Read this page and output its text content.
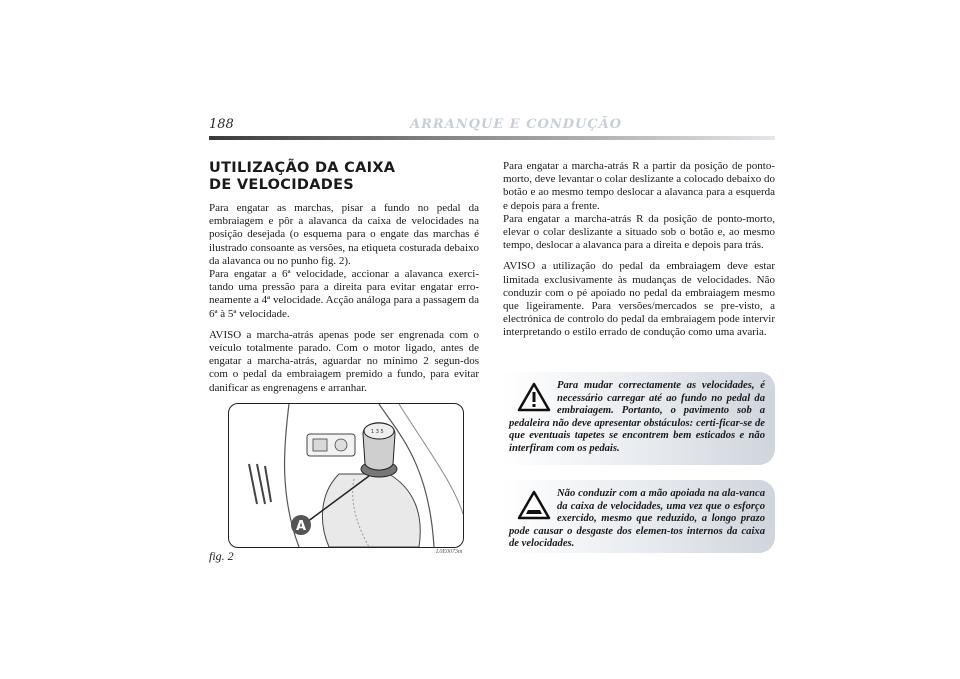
188	ARRANQUE E CONDUÇÃO
UTILIZAÇÃO DA CAIXA
DE VELOCIDADES

Para engatar as marchas, pisar a fundo no pedal da embraiagem e pôr a alavanca da caixa de velocidades na posição desejada (o esquema para o engate das marchas é ilustrado consoante as versões, na etiqueta costurada debaixo da alavanca ou no punho fig. 2).

Para engatar a 6ª velocidade, accionar a alavanca exerci-tando uma pressão para a direita para evitar engatar erro-neamente a 4ª velocidade. Acção análoga para a passagem da 6ª à 5ª velocidade.

AVISO a marcha-atrás apenas pode ser engrenada com o veículo totalmente parado. Com o motor ligado, antes de engatar a marcha-atrás, aguardar no mínimo 2 segun-dos com o pedal da embraiagem premido a fundo, para evitar danificar as engrenagens e arranhar.

1 3 5
A
fig. 2	L0E0073m

Para engatar a marcha-atrás R a partir da posição de ponto-morto, deve levantar o colar deslizante a colocado debaixo do botão e ao mesmo tempo deslocar a alavanca para a esquerda e depois para a frente.

Para engatar a marcha-atrás R da posição de ponto-morto, elevar o colar deslizante a situado sob o botão e, ao mesmo tempo, deslocar a alavanca para a direita e depois para trás.

AVISO a utilização do pedal da embraiagem deve estar limitada exclusivamente às mudanças de velocidades. Não conduzir com o pé apoiado no pedal da embraiagem mesmo que ligeiramente. Para versões/mercados se pre-visto, a electrónica de controlo do pedal da embraiagem pode intervir interpretando o estilo errado de condução como uma avaria.

Para mudar correctamente as velocidades, é necessário carregar até ao fundo no pedal da embraiagem. Portanto, o pavimento sob a pedaleira não deve apresentar obstáculos: certi-ficar-se de que eventuais tapetes se encontrem bem esticados e não interfiram com os pedais.
Não conduzir com a mão apoiada na ala-vanca da caixa de velocidades, uma vez que o esforço exercido, mesmo que reduzido, a longo prazo pode causar o desgaste dos elemen-tos internos da caixa de velocidades.
